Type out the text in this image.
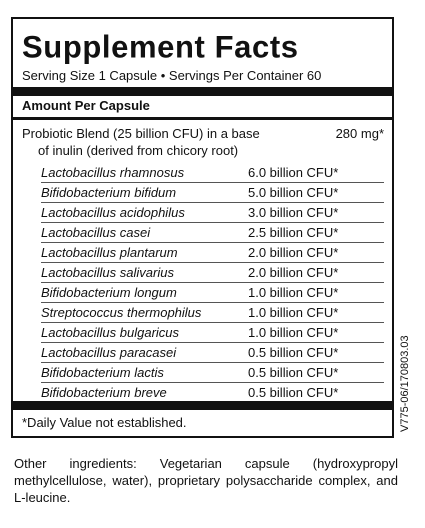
Supplement Facts
Serving Size 1 Capsule • Servings Per Container 60
Amount Per Capsule
Probiotic Blend (25 billion CFU) in a base
of inulin (derived from chicory root)
280 mg*
Lactobacillus rhamnosus	6.0 billion CFU*
Bifidobacterium bifidum	5.0 billion CFU*
Lactobacillus acidophilus	3.0 billion CFU*
Lactobacillus casei	2.5 billion CFU*
Lactobacillus plantarum	2.0 billion CFU*
Lactobacillus salivarius	2.0 billion CFU*
Bifidobacterium longum	1.0 billion CFU*
Streptococcus thermophilus	1.0 billion CFU*
Lactobacillus bulgaricus	1.0 billion CFU*
Lactobacillus paracasei	0.5 billion CFU*
Bifidobacterium lactis	0.5 billion CFU*
Bifidobacterium breve	0.5 billion CFU*
*Daily Value not established.	V775-06/170803.03
Other ingredients: Vegetarian capsule (hydroxypropyl methylcellulose, water), proprietary polysaccharide complex, and L-leucine.
